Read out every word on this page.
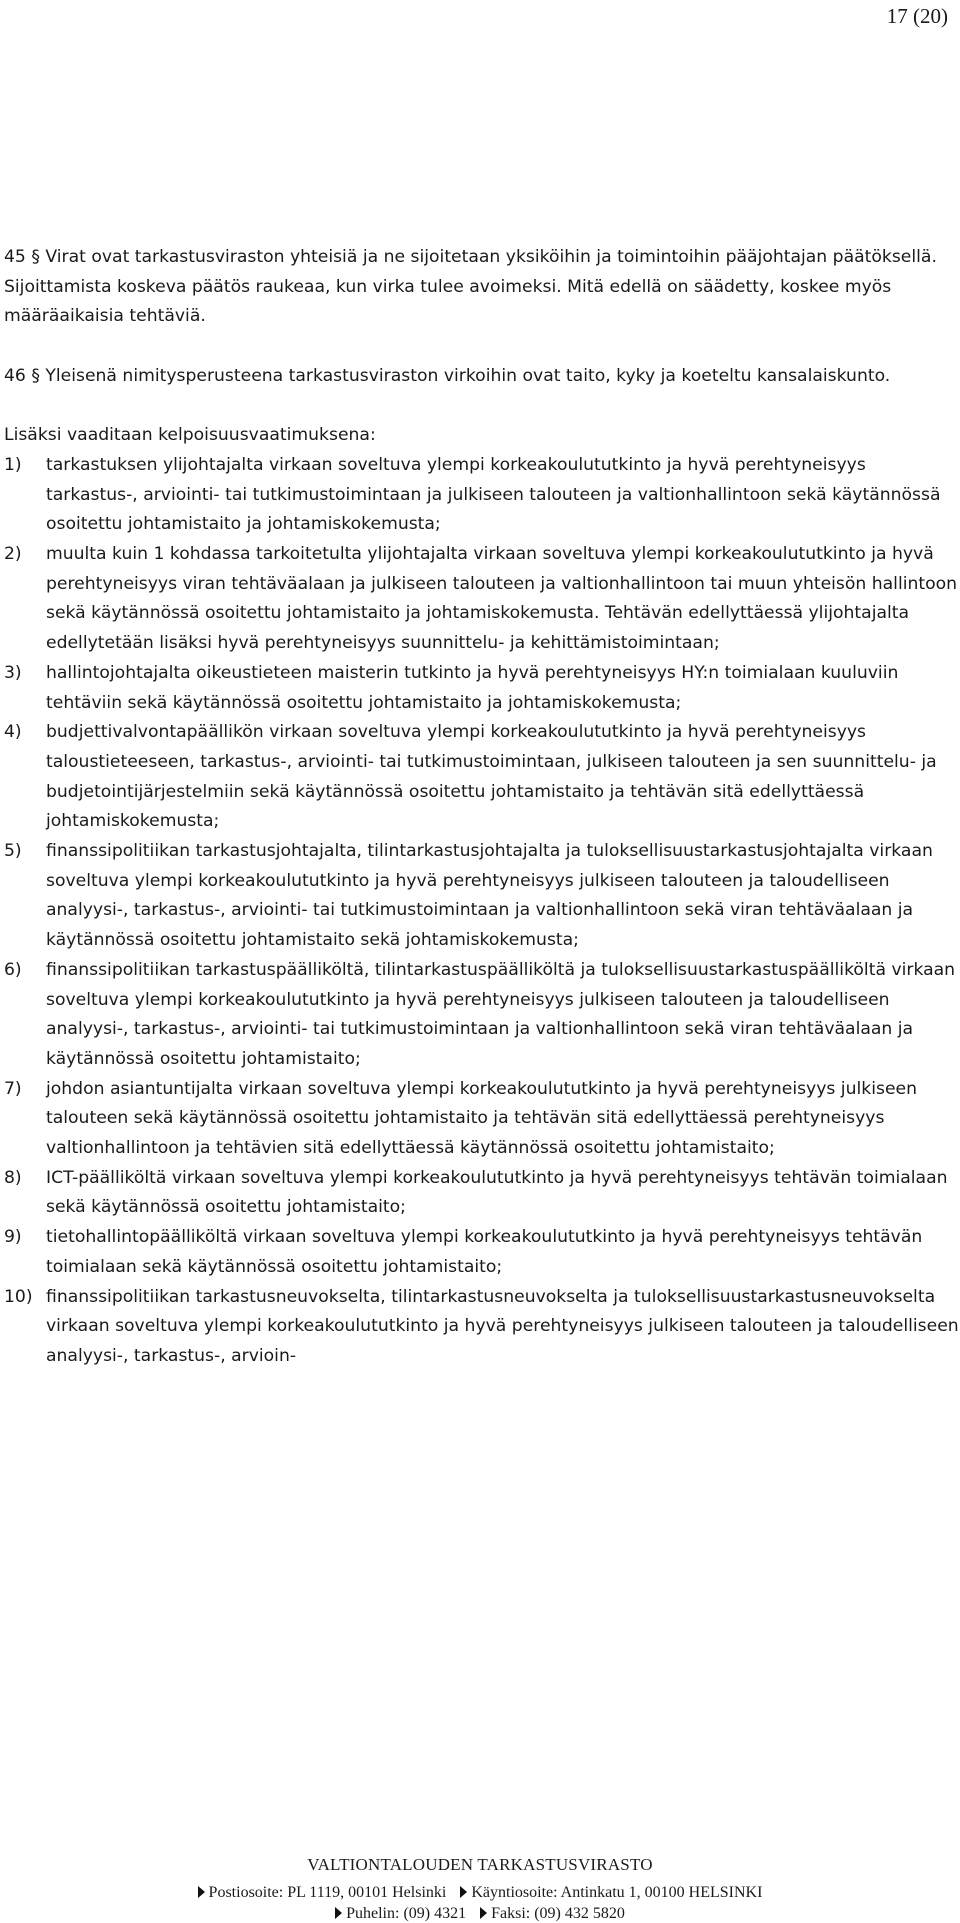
17 (20)

45 § Virat ovat tarkastusviraston yhteisiä ja ne sijoitetaan yksiköihin ja toimintoihin pääjohtajan päätöksellä. Sijoittamista koskeva päätös raukeaa, kun virka tulee avoimeksi. Mitä edellä on säädetty, koskee myös määräaikaisia tehtäviä.

46 § Yleisenä nimitysperusteena tarkastusviraston virkoihin ovat taito, kyky ja koeteltu kansalaiskunto.

Lisäksi vaaditaan kelpoisuusvaatimuksena:

1) tarkastuksen ylijohtajalta virkaan soveltuva ylempi korkeakoulututkinto ja hyvä perehtyneisyys tarkastus-, arviointi- tai tutkimustoimintaan ja julkiseen talouteen ja valtionhallintoon sekä käytännössä osoitettu johtamistaito ja johtamiskokemusta;
2) muulta kuin 1 kohdassa tarkoitetulta ylijohtajalta virkaan soveltuva ylempi korkeakoulututkinto ja hyvä perehtyneisyys viran tehtäväalaan ja julkiseen talouteen ja valtionhallintoon tai muun yhteisön hallintoon sekä käytännössä osoitettu johtamistaito ja johtamiskokemusta. Tehtävän edellyttäessä ylijohtajalta edellytetään lisäksi hyvä perehtyneisyys suunnittelu- ja kehittämistoimintaan;
3) hallintojohtajalta oikeustieteen maisterin tutkinto ja hyvä perehtyneisyys HY:n toimialaan kuuluviin tehtäviin sekä käytännössä osoitettu johtamistaito ja johtamiskokemusta;
4) budjettivalvontapäällikön virkaan soveltuva ylempi korkeakoulututkinto ja hyvä perehtyneisyys taloustieteeseen, tarkastus-, arviointi- tai tutkimustoimintaan, julkiseen talouteen ja sen suunnittelu- ja budjetointijärjestelmiin sekä käytännössä osoitettu johtamistaito ja tehtävän sitä edellyttäessä johtamiskokemusta;
5) finanssipolitiikan tarkastusjohtajalta, tilintarkastusjohtajalta ja tuloksellisuustarkastusjohtajalta virkaan soveltuva ylempi korkeakoulututkinto ja hyvä perehtyneisyys julkiseen talouteen ja taloudelliseen analyysi-, tarkastus-, arviointi- tai tutkimustoimintaan ja valtionhallintoon sekä viran tehtäväalaan ja käytännössä osoitettu johtamistaito sekä johtamiskokemusta;
6) finanssipolitiikan tarkastuspäälliköltä, tilintarkastuspäälliköltä ja tuloksellisuustarkastuspäälliköltä virkaan soveltuva ylempi korkeakoulututkinto ja hyvä perehtyneisyys julkiseen talouteen ja taloudelliseen analyysi-, tarkastus-, arviointi- tai tutkimustoimintaan ja valtionhallintoon sekä viran tehtäväalaan ja käytännössä osoitettu johtamistaito;
7) johdon asiantuntijalta virkaan soveltuva ylempi korkeakoulututkinto ja hyvä perehtyneisyys julkiseen talouteen sekä käytännössä osoitettu johtamistaito ja tehtävän sitä edellyttäessä perehtyneisyys valtionhallintoon ja tehtävien sitä edellyttäessä käytännössä osoitettu johtamistaito;
8) ICT-päälliköltä virkaan soveltuva ylempi korkeakoulututkinto ja hyvä perehtyneisyys tehtävän toimialaan sekä käytännössä osoitettu johtamistaito;
9) tietohallintopäälliköltä virkaan soveltuva ylempi korkeakoulututkinto ja hyvä perehtyneisyys tehtävän toimialaan sekä käytännössä osoitettu johtamistaito;
10) finanssipolitiikan tarkastusneuvokselta, tilintarkastusneuvokselta ja tuloksellisuustarkastusneuvokselta virkaan soveltuva ylempi korkeakoulututkinto ja hyvä perehtyneisyys julkiseen talouteen ja taloudelliseen analyysi-, tarkastus-, arvioin-
VALTIONTALOUDEN TARKASTUSVIRASTO
Postiosoite: PL 1119, 00101 Helsinki Käyntiosoite: Antinkatu 1, 00100 HELSINKI
Puhelin: (09) 4321 Faksi: (09) 432 5820
